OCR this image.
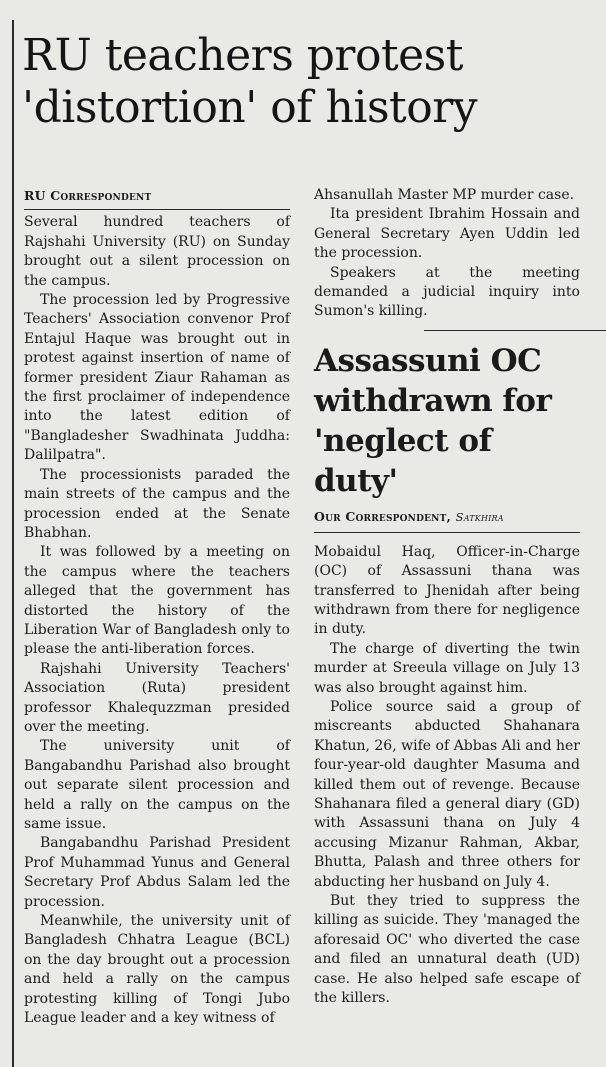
RU teachers protest
'distortion' of history
RU Correspondent

Several hundred teachers of Rajshahi University (RU) on Sunday brought out a silent procession on the campus.

The procession led by Progressive Teachers' Association convenor Prof Entajul Haque was brought out in protest against insertion of name of former president Ziaur Rahaman as the first proclaimer of independence into the latest edition of "Bangladesher Swadhinata Juddha: Dalilpatra".

The processionists paraded the main streets of the campus and the procession ended at the Senate Bhabhan.

It was followed by a meeting on the campus where the teachers alleged that the government has distorted the history of the Liberation War of Bangladesh only to please the anti-liberation forces.

Rajshahi University Teachers' Association (Ruta) president professor Khalequzzman presided over the meeting.

The university unit of Bangabandhu Parishad also brought out separate silent procession and held a rally on the campus on the same issue.

Bangabandhu Parishad President Prof Muhammad Yunus and General Secretary Prof Abdus Salam led the procession.

Meanwhile, the university unit of Bangladesh Chhatra League (BCL) on the day brought out a procession and held a rally on the campus protesting killing of Tongi Jubo League leader and a key witness of

Ahsanullah Master MP murder case.

Ita president Ibrahim Hossain and General Secretary Ayen Uddin led the procession.

Speakers at the meeting demanded a judicial inquiry into Sumon's killing.

Assassuni OC withdrawn for 'neglect of duty'
Our Correspondent, Satkhira

Mobaidul Haq, Officer-in-Charge (OC) of Assassuni thana was transferred to Jhenidah after being withdrawn from there for negligence in duty.

The charge of diverting the twin murder at Sreeula village on July 13 was also brought against him.

Police source said a group of miscreants abducted Shahanara Khatun, 26, wife of Abbas Ali and her four-year-old daughter Masuma and killed them out of revenge. Because Shahanara filed a general diary (GD) with Assassuni thana on July 4 accusing Mizanur Rahman, Akbar, Bhutta, Palash and three others for abducting her husband on July 4.

But they tried to suppress the killing as suicide. They 'managed the aforesaid OC' who diverted the case and filed an unnatural death (UD) case. He also helped safe escape of the killers.
